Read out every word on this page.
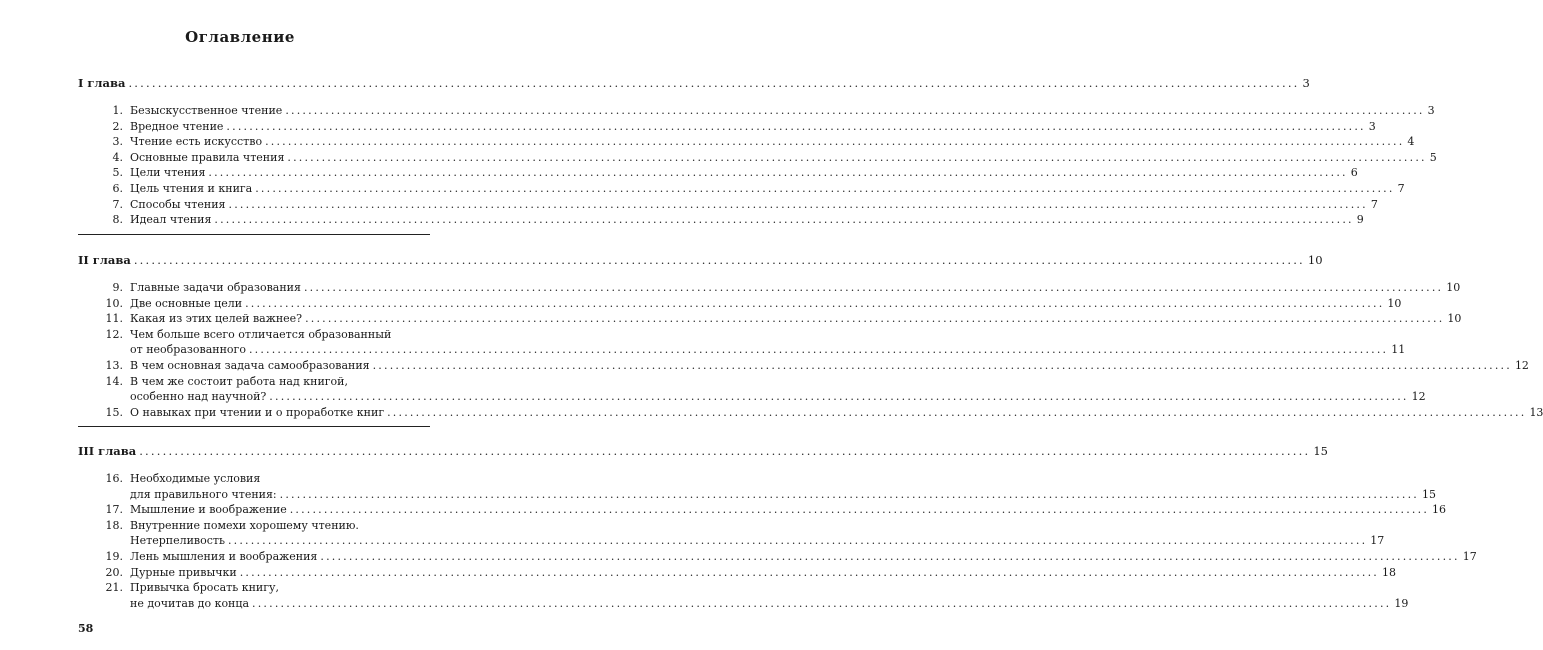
Оглавление
I глава ........................................................................................................................................................................................................ 3
1. Безыскусственное чтение ........................................................................................................................................................................................................ 3
2. Вредное чтение ........................................................................................................................................................................................................ 3
3. Чтение есть искусство ........................................................................................................................................................................................................ 4
4. Основные правила чтения ........................................................................................................................................................................................................ 5
5. Цели чтения ........................................................................................................................................................................................................ 6
6. Цель чтения и книга ........................................................................................................................................................................................................ 7
7. Способы чтения ........................................................................................................................................................................................................ 7
8. Идеал чтения ........................................................................................................................................................................................................ 9
II глава ........................................................................................................................................................................................................ 10
9. Главные задачи образования ........................................................................................................................................................................................................ 10
10. Две основные цели ........................................................................................................................................................................................................ 10
11. Какая из этих целей важнее? ........................................................................................................................................................................................................ 10
12. Чем больше всего отличается образованный
от необразованного ........................................................................................................................................................................................................ 11
13. В чем основная задача самообразования ........................................................................................................................................................................................................ 12
14. В чем же состоит работа над книгой,
особенно над научной? ........................................................................................................................................................................................................ 12
15. О навыках при чтении и о проработке книг ........................................................................................................................................................................................................ 13
III глава ........................................................................................................................................................................................................ 15
16. Необходимые условия
для правильного чтения: ........................................................................................................................................................................................................ 15
17. Мышление и воображение ........................................................................................................................................................................................................ 16
18. Внутренние помехи хорошему чтению.
Нетерпеливость ........................................................................................................................................................................................................ 17
19. Лень мышления и воображения ........................................................................................................................................................................................................ 17
20. Дурные привычки ........................................................................................................................................................................................................ 18
21. Привычка бросать книгу,
не дочитав до конца ........................................................................................................................................................................................................ 19
58
